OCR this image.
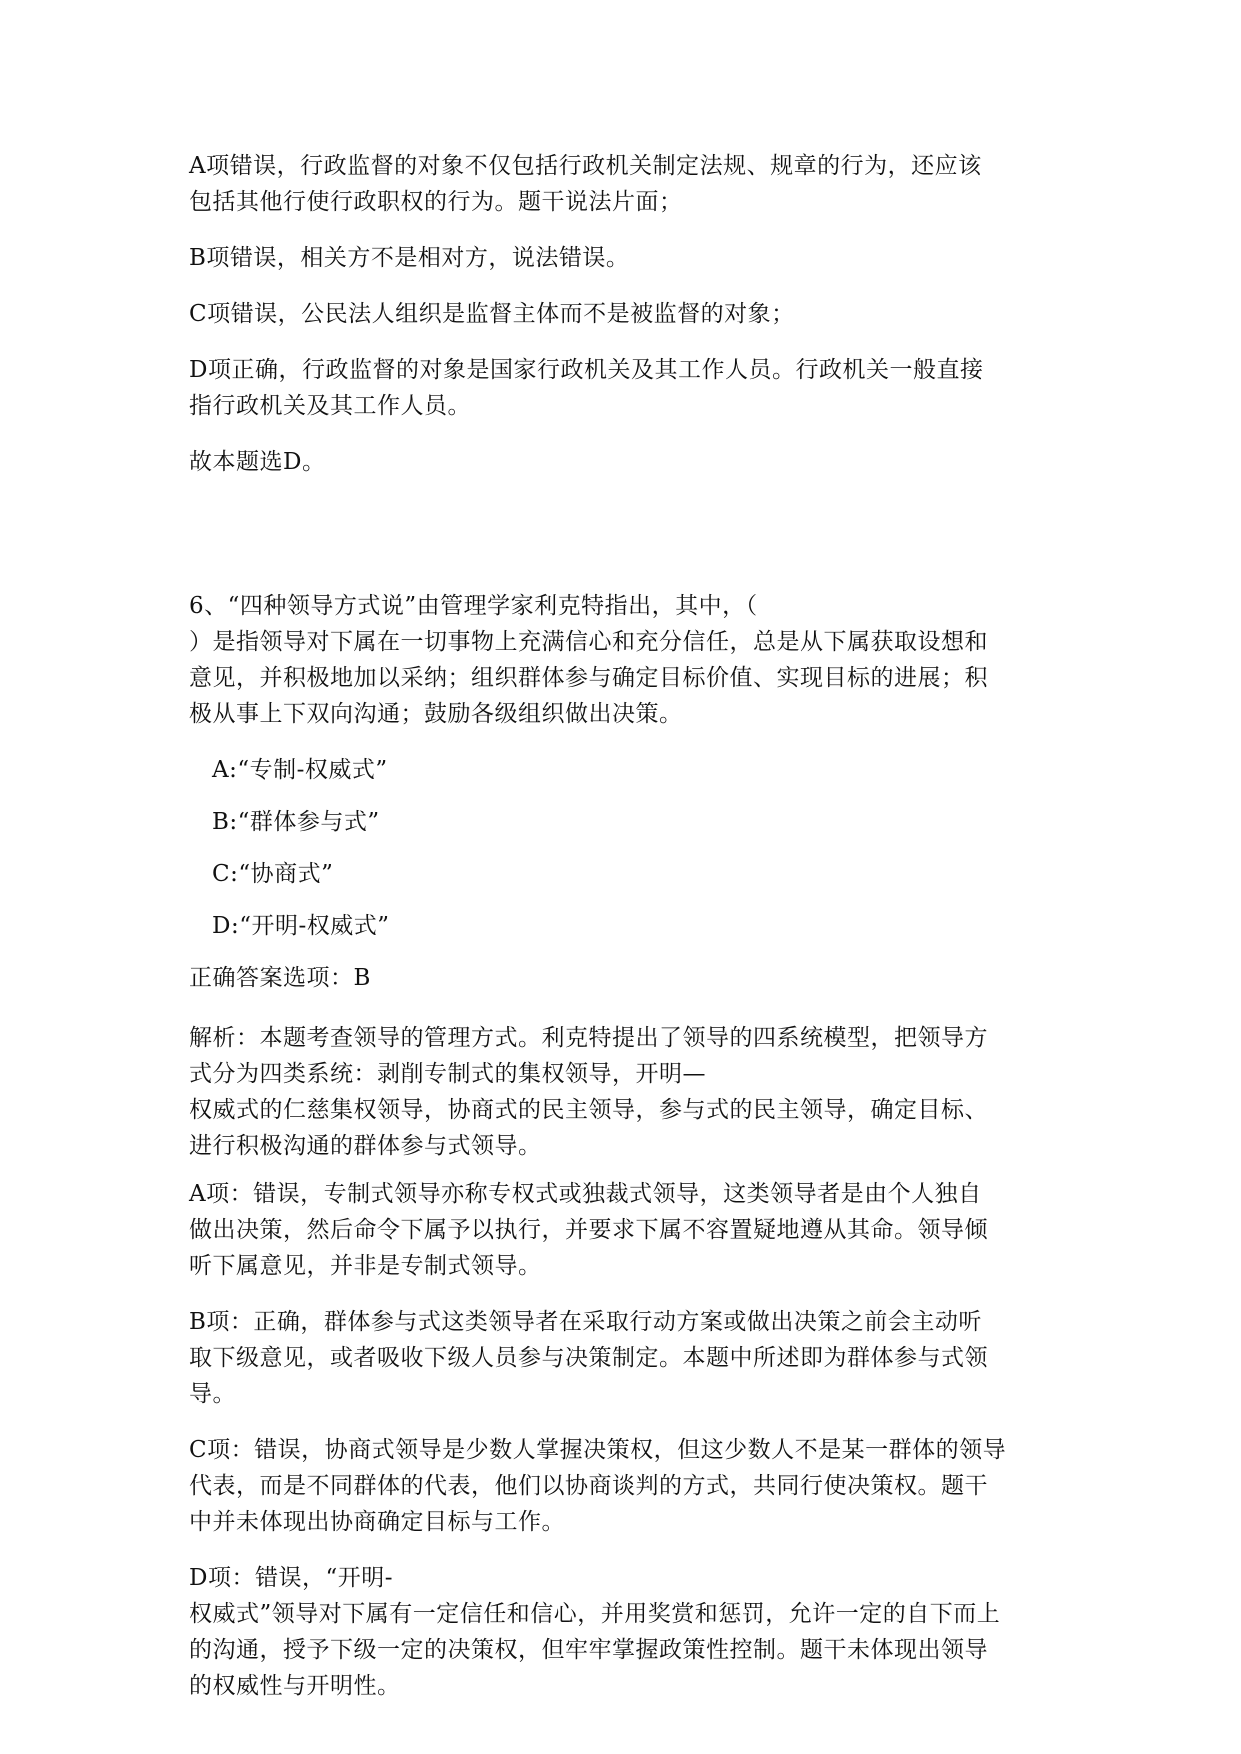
A项错误，行政监督的对象不仅包括行政机关制定法规、规章的行为，还应该
包括其他行使行政职权的行为。题干说法片面；
B项错误，相关方不是相对方，说法错误。
C项错误，公民法人组织是监督主体而不是被监督的对象；
D项正确，行政监督的对象是国家行政机关及其工作人员。行政机关一般直接
指行政机关及其工作人员。
故本题选D。
6、“四种领导方式说”由管理学家利克特指出，其中，（
）是指领导对下属在一切事物上充满信心和充分信任，总是从下属获取设想和
意见，并积极地加以采纳；组织群体参与确定目标价值、实现目标的进展；积
极从事上下双向沟通；鼓励各级组织做出决策。
A:“专制-权威式”
B:“群体参与式”
C:“协商式”
D:“开明-权威式”
正确答案选项：B
解析：本题考查领导的管理方式。利克特提出了领导的四系统模型，把领导方
式分为四类系统：剥削专制式的集权领导，开明—
权威式的仁慈集权领导，协商式的民主领导，参与式的民主领导，确定目标、
进行积极沟通的群体参与式领导。
A项：错误，专制式领导亦称专权式或独裁式领导，这类领导者是由个人独自
做出决策，然后命令下属予以执行，并要求下属不容置疑地遵从其命。领导倾
听下属意见，并非是专制式领导。
B项：正确，群体参与式这类领导者在采取行动方案或做出决策之前会主动听
取下级意见，或者吸收下级人员参与决策制定。本题中所述即为群体参与式领
导。
C项：错误，协商式领导是少数人掌握决策权，但这少数人不是某一群体的领导
代表，而是不同群体的代表，他们以协商谈判的方式，共同行使决策权。题干
中并未体现出协商确定目标与工作。
D项：错误，“开明-
权威式”领导对下属有一定信任和信心，并用奖赏和惩罚，允许一定的自下而上
的沟通，授予下级一定的决策权，但牢牢掌握政策性控制。题干未体现出领导
的权威性与开明性。
